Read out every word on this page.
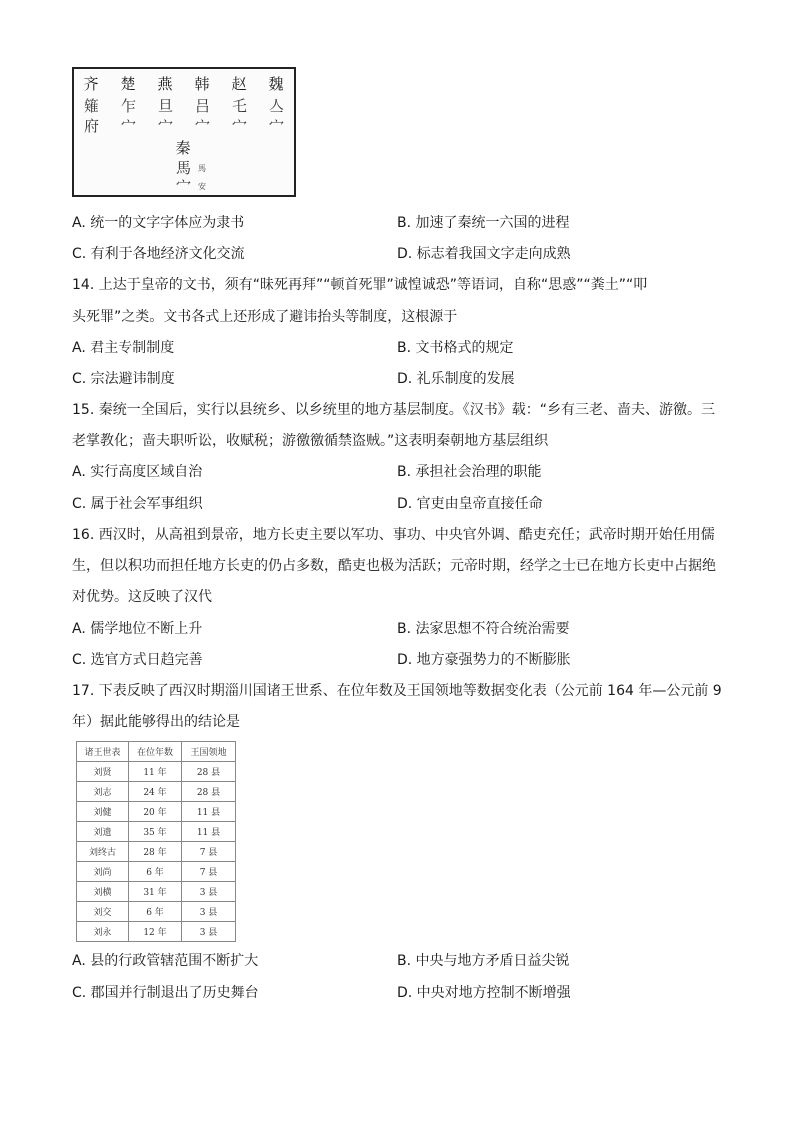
齐	楚	燕	韩	赵	魏
䉜	乍	旦	吕	乇	亼
府	宀	宀	宀	宀	宀
秦
馬
宀
馬
安
A. 统一的文字字体应为隶书	B. 加速了秦统一六国的进程
C. 有利于各地经济文化交流	D. 标志着我国文字走向成熟
14. 上达于皇帝的文书，须有“昧死再拜”“顿首死罪”诚惶诚恐”等语词，自称“思惑”“粪土”“叩
头死罪”之类。文书各式上还形成了避讳抬头等制度，这根源于
A. 君主专制制度	B. 文书格式的规定
C. 宗法避讳制度	D. 礼乐制度的发展
15. 秦统一全国后，实行以县统乡、以乡统里的地方基层制度。《汉书》载：“乡有三老、啬夫、游徼。三
老掌教化；啬夫职听讼，收赋税；游徼徼循禁盗贼。”这表明秦朝地方基层组织
A. 实行高度区域自治	B. 承担社会治理的职能
C. 属于社会军事组织	D. 官吏由皇帝直接任命
16. 西汉时，从高祖到景帝，地方长吏主要以军功、事功、中央官外调、酷吏充任；武帝时期开始任用儒
生，但以积功而担任地方长吏的仍占多数，酷吏也极为活跃；元帝时期，经学之士已在地方长吏中占据绝
对优势。这反映了汉代
A. 儒学地位不断上升	B. 法家思想不符合统治需要
C. 选官方式日趋完善	D. 地方豪强势力的不断膨胀
17. 下表反映了西汉时期淄川国诸王世系、在位年数及王国领地等数据变化表（公元前 164 年—公元前 9
年）据此能够得出的结论是
诸王世表	在位年数	王国领地
刘贤	11 年	28 县
刘志	24 年	28 县
刘健	20 年	11 县
刘遗	35 年	11 县
刘终古	28 年	7 县
刘尚	6 年	7 县
刘横	31 年	3 县
刘交	6 年	3 县
刘永	12 年	3 县
A. 县的行政管辖范围不断扩大	B. 中央与地方矛盾日益尖锐
C. 郡国并行制退出了历史舞台	D. 中央对地方控制不断增强
